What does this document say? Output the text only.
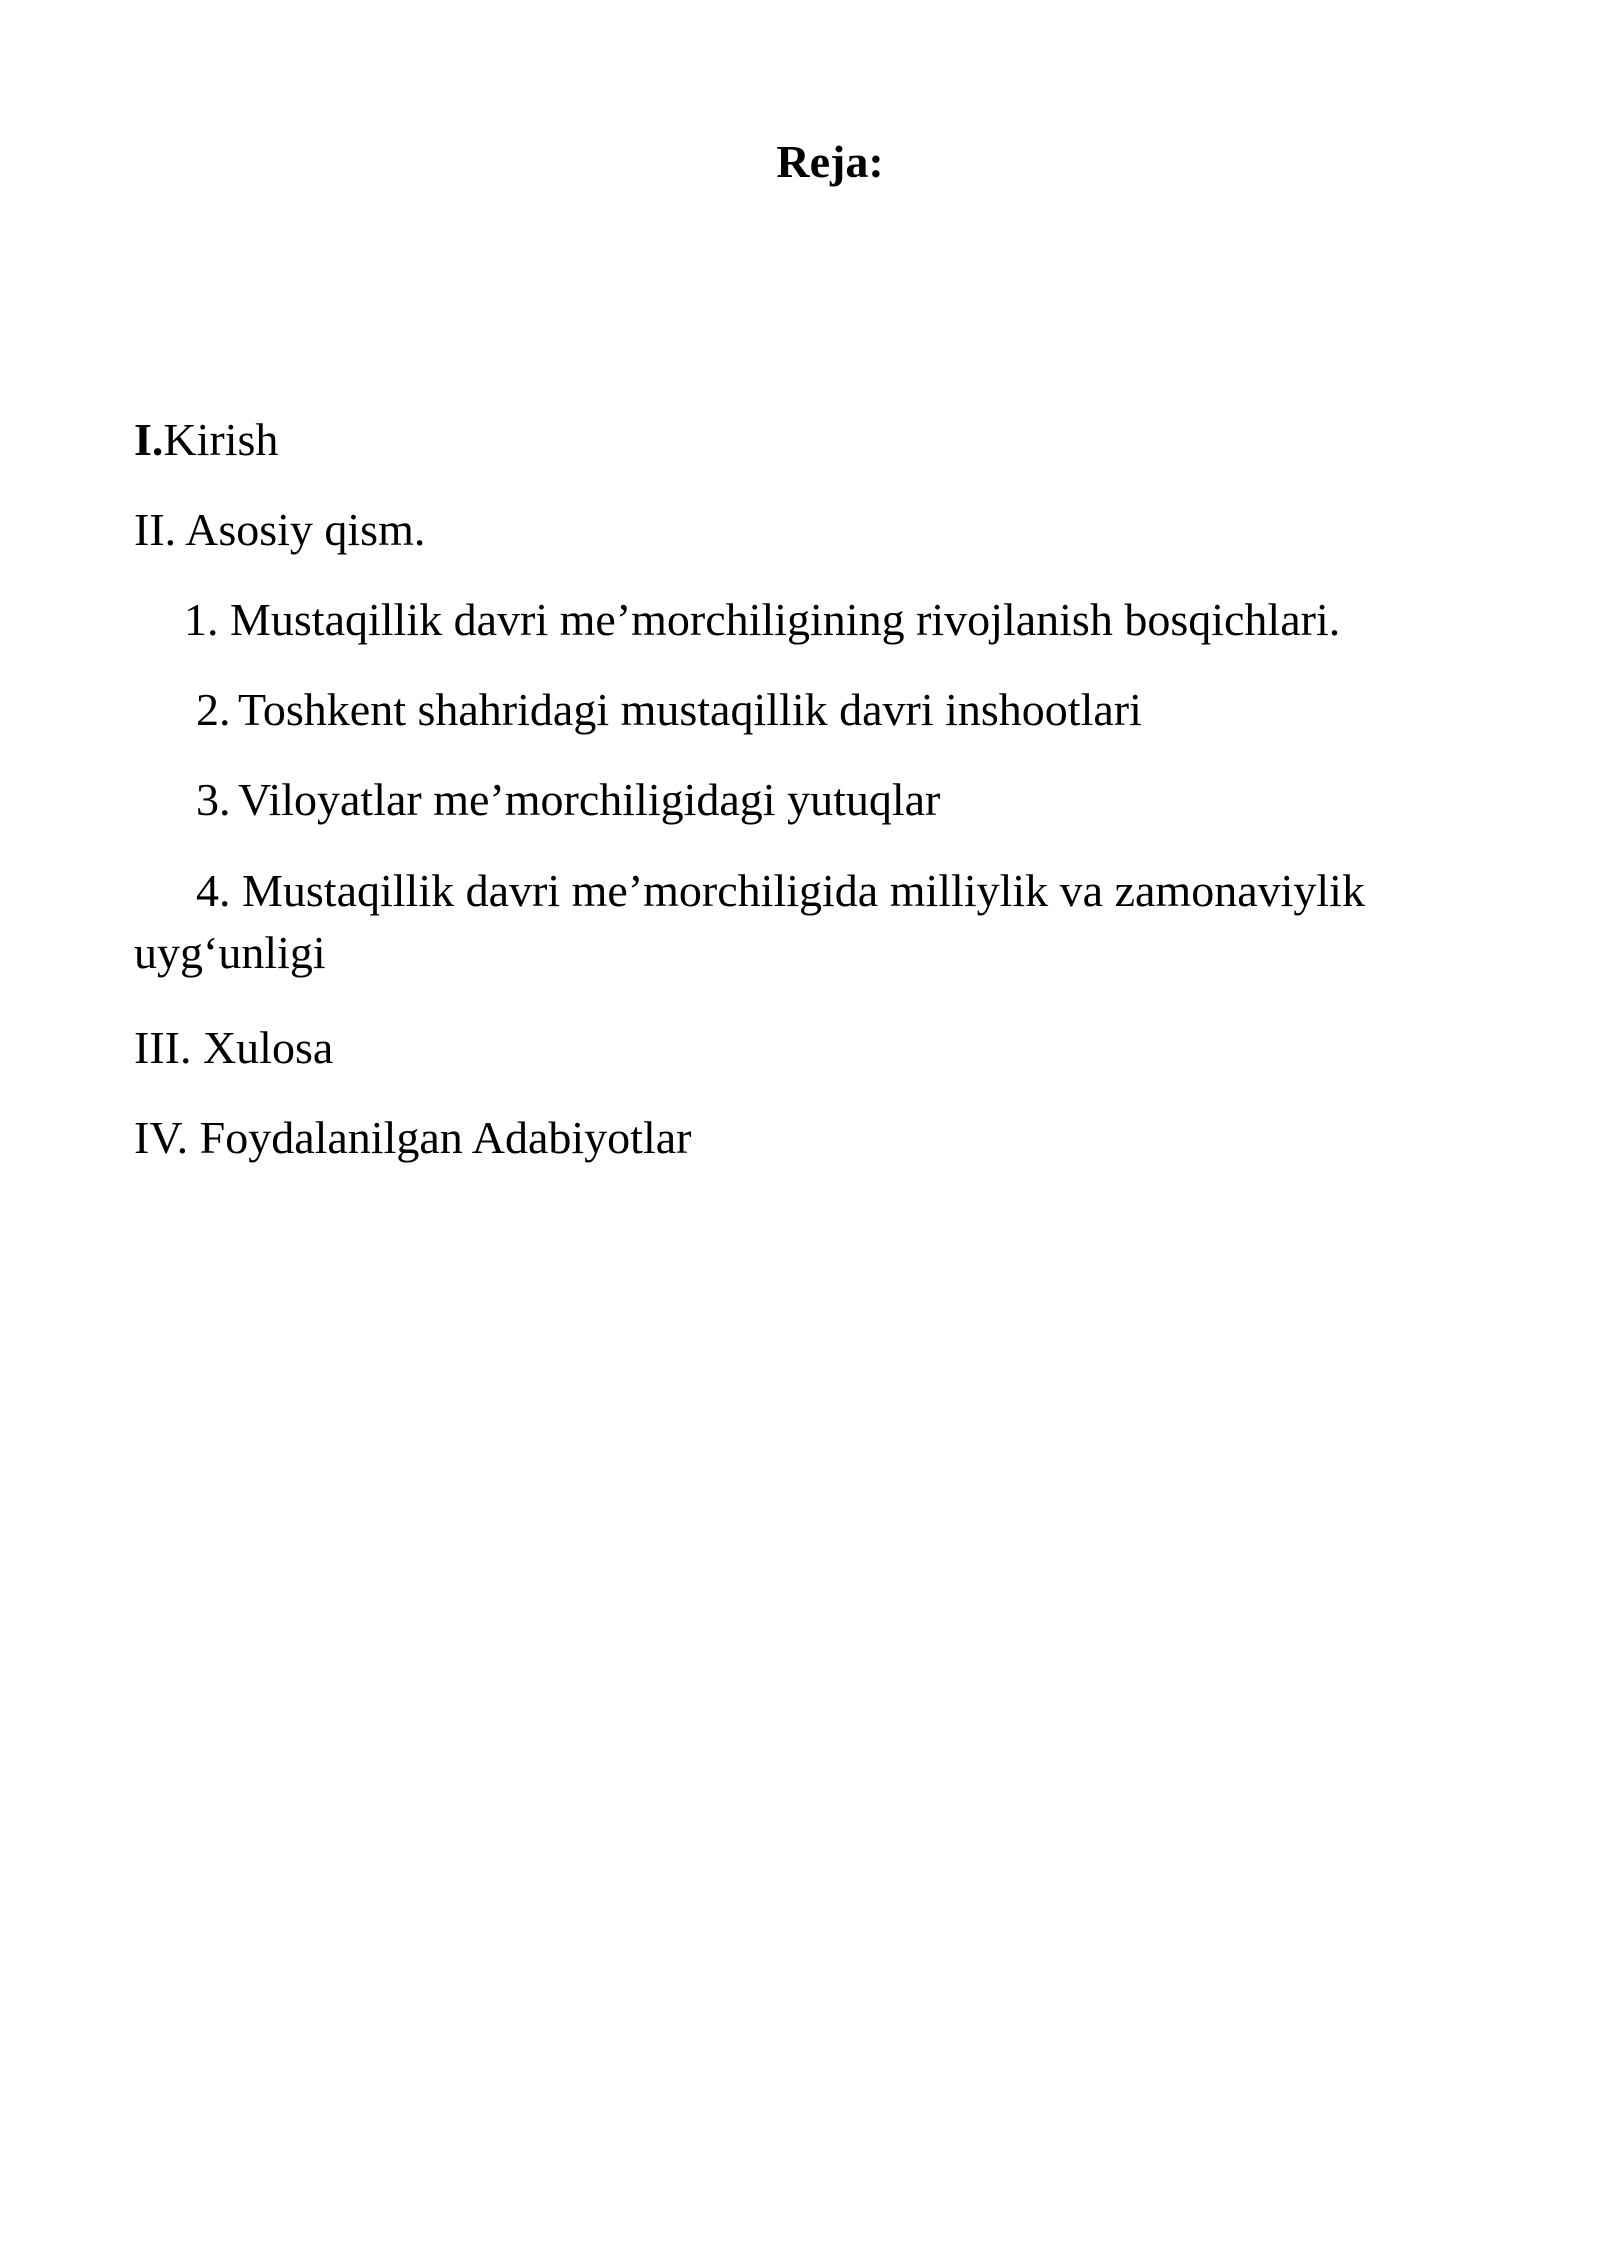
Reja:

I.Kirish

II. Asosiy qism.

1. Mustaqillik davri me’morchiligining rivojlanish bosqichlari.

2. Toshkent shahridagi mustaqillik davri inshootlari

3. Viloyatlar me’morchiligidagi yutuqlar

4. Mustaqillik davri me’morchiligida milliylik va zamonaviylik uyg‘unligi

III. Xulosa

IV. Foydalanilgan Adabiyotlar
